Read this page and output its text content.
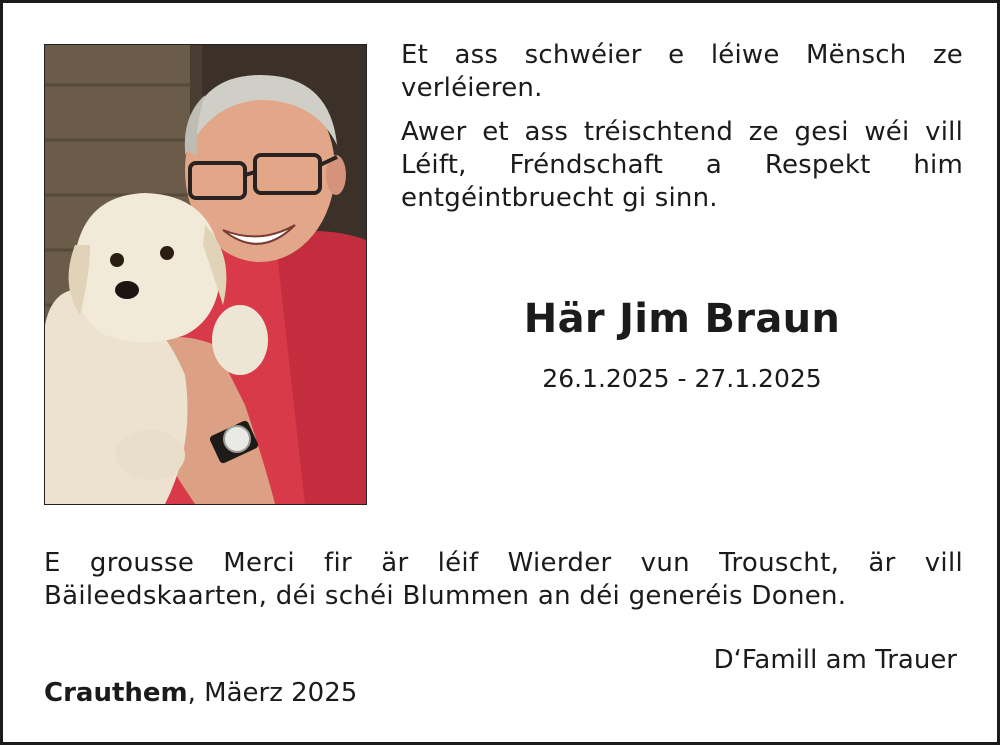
Et ass schwéier e léiwe Mënsch ze verléieren.

Awer et ass tréischtend ze gesi wéi vill Léift, Fréndschaft a Respekt him entgéintbruecht gi sinn.

Här Jim Braun
26.1.2025 - 27.1.2025

E grousse Merci fir är léif Wierder vun Trouscht, är vill Bäileedskaarten, déi schéi Blummen an déi generéis Donen.

D‘Famill am Trauer
Crauthem, Mäerz 2025
